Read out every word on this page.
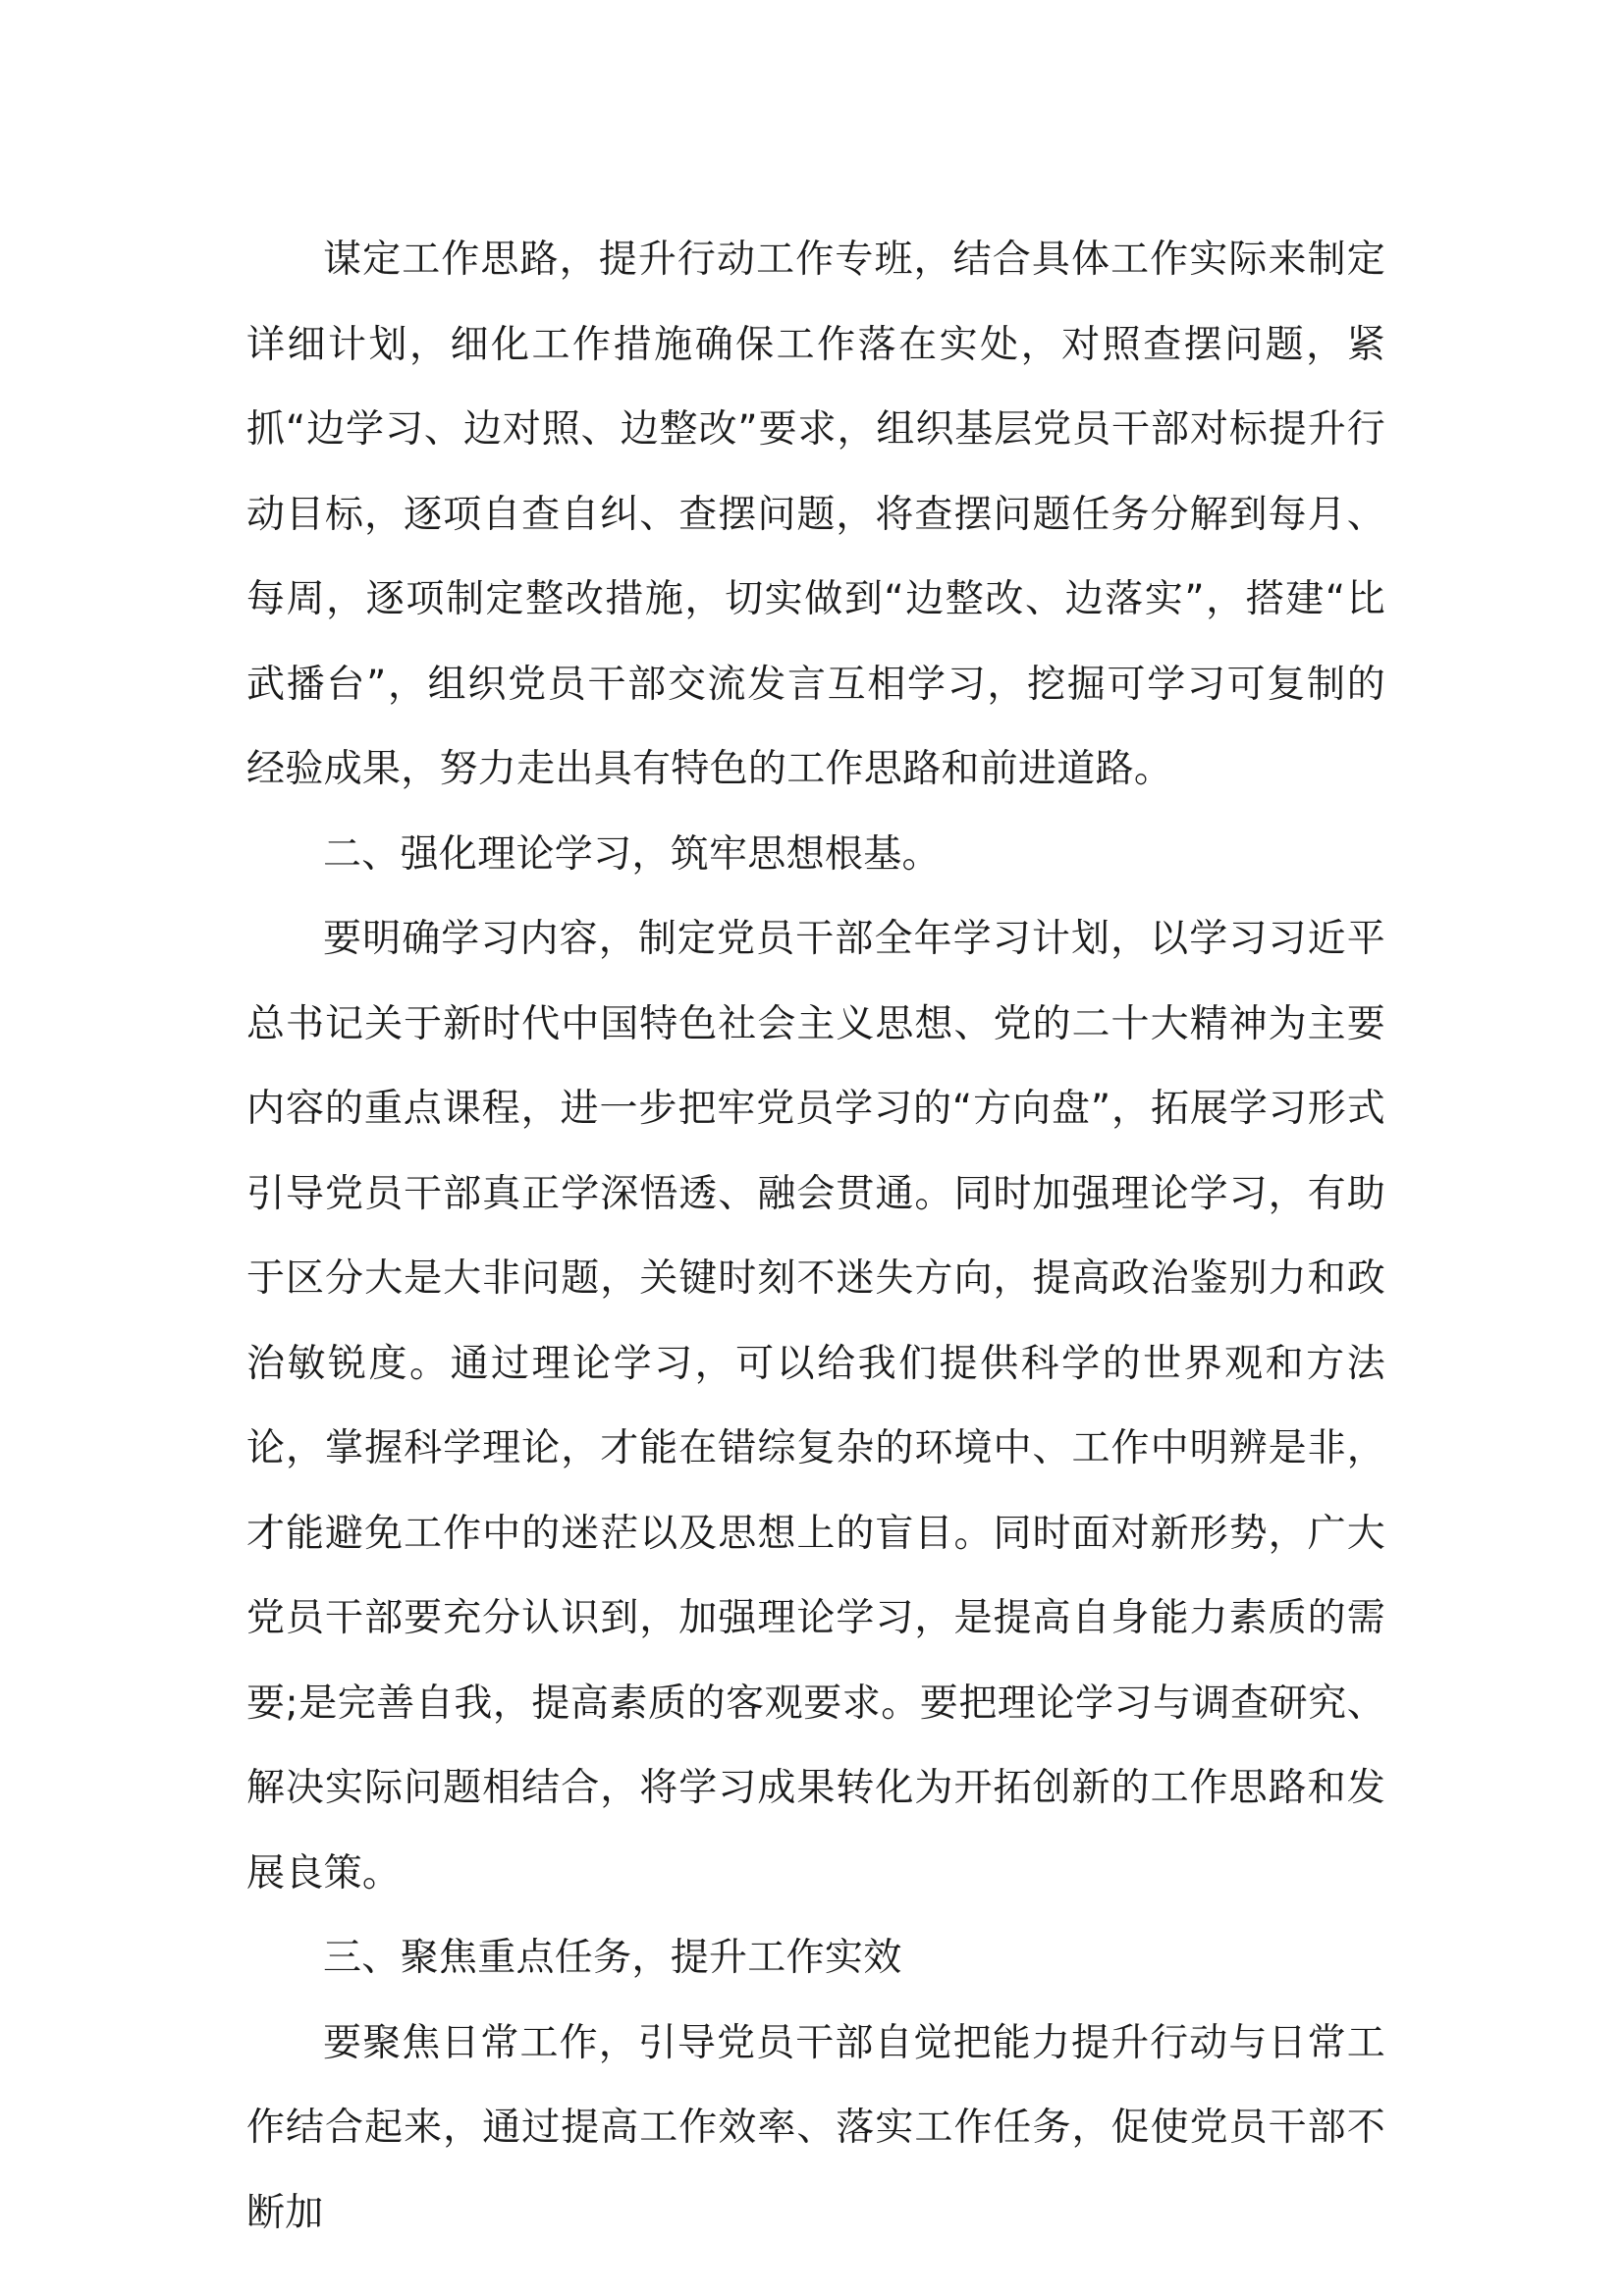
谋定工作思路，提升行动工作专班，结合具体工作实际来制定详细计划，细化工作措施确保工作落在实处，对照查摆问题，紧抓“边学习、边对照、边整改”要求，组织基层党员干部对标提升行动目标，逐项自查自纠、查摆问题，将查摆问题任务分解到每月、每周，逐项制定整改措施，切实做到“边整改、边落实”，搭建“比武播台”，组织党员干部交流发言互相学习，挖掘可学习可复制的经验成果，努力走出具有特色的工作思路和前进道路。

二、强化理论学习，筑牢思想根基。

要明确学习内容，制定党员干部全年学习计划，以学习习近平总书记关于新时代中国特色社会主义思想、党的二十大精神为主要内容的重点课程，进一步把牢党员学习的“方向盘”，拓展学习形式引导党员干部真正学深悟透、融会贯通。同时加强理论学习，有助于区分大是大非问题，关键时刻不迷失方向，提高政治鉴别力和政治敏锐度。通过理论学习，可以给我们提供科学的世界观和方法论，掌握科学理论，才能在错综复杂的环境中、工作中明辨是非，才能避免工作中的迷茫以及思想上的盲目。同时面对新形势，广大党员干部要充分认识到，加强理论学习，是提高自身能力素质的需要;是完善自我，提高素质的客观要求。要把理论学习与调查研究、解决实际问题相结合，将学习成果转化为开拓创新的工作思路和发展良策。

三、聚焦重点任务，提升工作实效

要聚焦日常工作，引导党员干部自觉把能力提升行动与日常工作结合起来，通过提高工作效率、落实工作任务，促使党员干部不断加
